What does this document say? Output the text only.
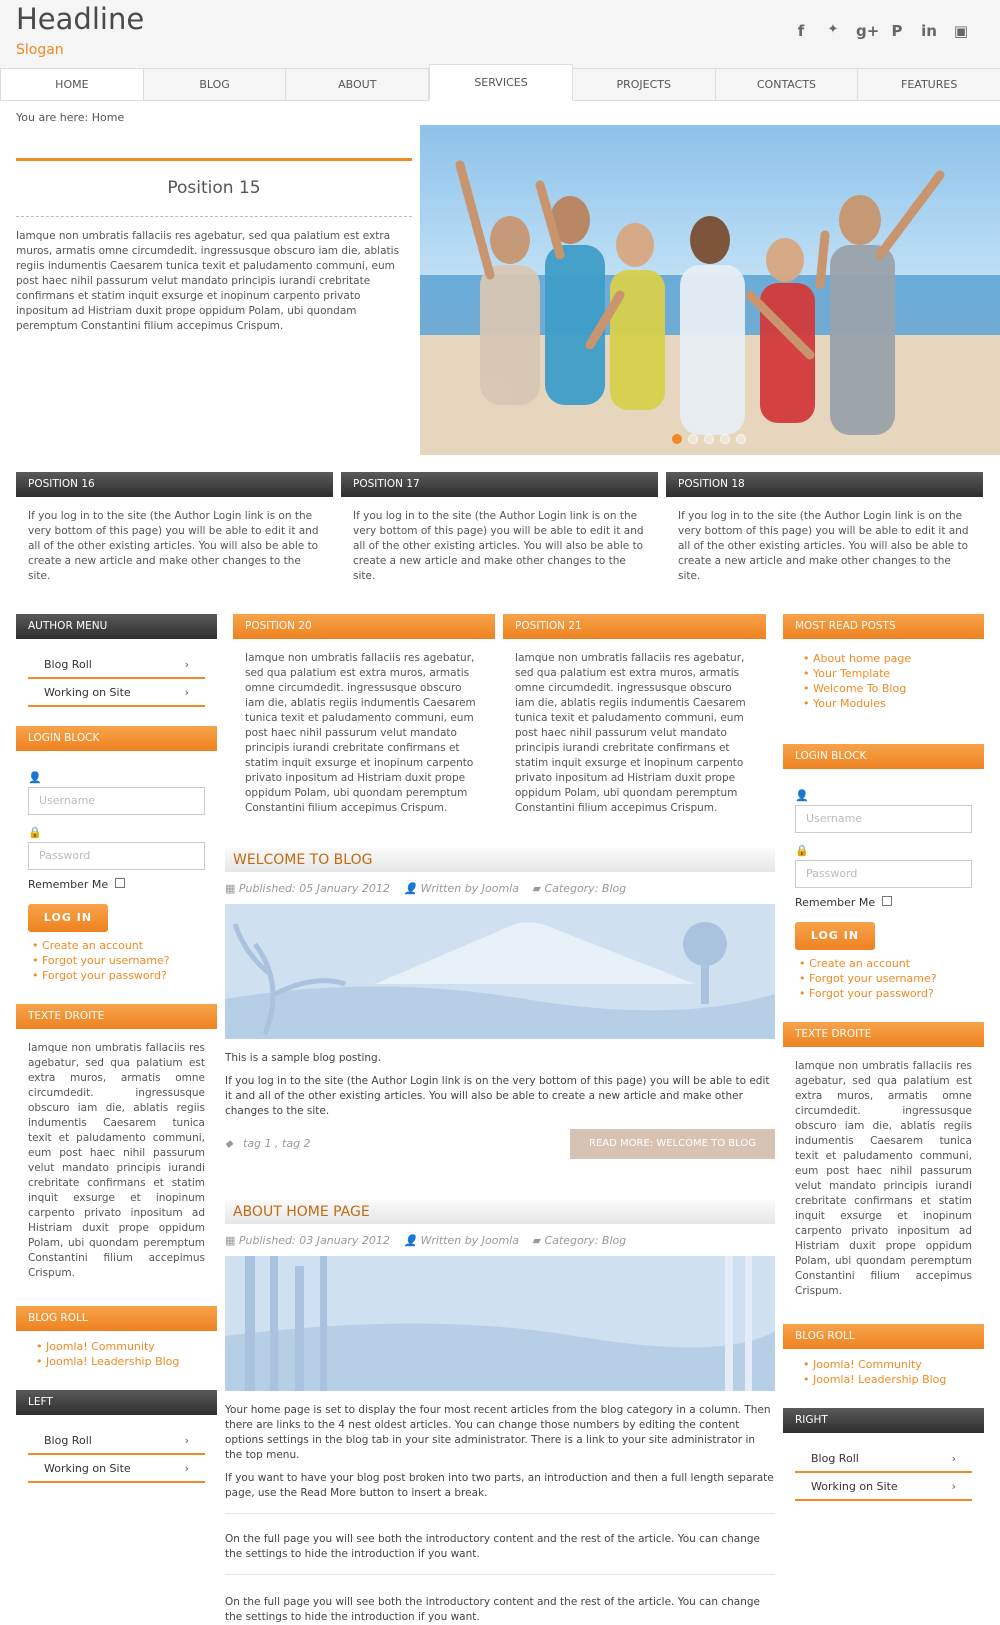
Headline
Slogan
f	✦ g+ P in ▣
HOME	BLOG	ABOUT	SERVICES	PROJECTS	CONTACTS	FEATURES
You are here: Home
Position 15
Iamque non umbratis fallaciis res agebatur, sed qua palatium est extra muros, armatis omne circumdedit. ingressusque obscuro iam die, ablatis regiis indumentis Caesarem tunica texit et paludamento communi, eum post haec nihil passurum velut mandato principis iurandi crebritate confirmans et statim inquit exsurge et inopinum carpento privato inpositum ad Histriam duxit prope oppidum Polam, ubi quondam peremptum Constantini filium accepimus Crispum.
POSITION 16
If you log in to the site (the Author Login link is on the very bottom of this page) you will be able to edit it and all of the other existing articles. You will also be able to create a new article and make other changes to the site.
POSITION 17
If you log in to the site (the Author Login link is on the very bottom of this page) you will be able to edit it and all of the other existing articles. You will also be able to create a new article and make other changes to the site.
POSITION 18
If you log in to the site (the Author Login link is on the very bottom of this page) you will be able to edit it and all of the other existing articles. You will also be able to create a new article and make other changes to the site.
AUTHOR MENU
Blog Roll	›
Working on Site	›
LOGIN BLOCK
👤
Username
🔒
Password
Remember Me
LOG IN
• Create an account
• Forgot your username?
• Forgot your password?
TEXTE DROITE
Iamque non umbratis fallaciis res agebatur, sed qua palatium est extra muros, armatis omne circumdedit. ingressusque obscuro iam die, ablatis regiis indumentis Caesarem tunica texit et paludamento communi, eum post haec nihil passurum velut mandato principis iurandi crebritate confirmans et statim inquit exsurge et inopinum carpento privato inpositum ad Histriam duxit prope oppidum Polam, ubi quondam peremptum Constantini filium accepimus Crispum.
BLOG ROLL
• Joomla! Community
• Joomla! Leadership Blog
LEFT
Blog Roll	›
Working on Site	›
POSITION 20
Iamque non umbratis fallaciis res agebatur, sed qua palatium est extra muros, armatis omne circumdedit. ingressusque obscuro iam die, ablatis regiis indumentis Caesarem tunica texit et paludamento communi, eum post haec nihil passurum velut mandato principis iurandi crebritate confirmans et statim inquit exsurge et inopinum carpento privato inpositum ad Histriam duxit prope oppidum Polam, ubi quondam peremptum Constantini filium accepimus Crispum.
POSITION 21
Iamque non umbratis fallaciis res agebatur, sed qua palatium est extra muros, armatis omne circumdedit. ingressusque obscuro iam die, ablatis regiis indumentis Caesarem tunica texit et paludamento communi, eum post haec nihil passurum velut mandato principis iurandi crebritate confirmans et statim inquit exsurge et inopinum carpento privato inpositum ad Histriam duxit prope oppidum Polam, ubi quondam peremptum Constantini filium accepimus Crispum.
WELCOME TO BLOG
▦ Published: 05 January 2012 👤 Written by Joomla ▰ Category: Blog
This is a sample blog posting.
If you log in to the site (the Author Login link is on the very bottom of this page) you will be able to edit it and all of the other existing articles. You will also be able to create a new article and make other changes to the site.
⬥ tag 1 , tag 2	READ MORE: WELCOME TO BLOG
ABOUT HOME PAGE
▦ Published: 03 January 2012 👤 Written by Joomla ▰ Category: Blog
Your home page is set to display the four most recent articles from the blog category in a column. Then there are links to the 4 nest oldest articles. You can change those numbers by editing the content options settings in the blog tab in your site administrator. There is a link to your site administrator in the top menu.
If you want to have your blog post broken into two parts, an introduction and then a full length separate page, use the Read More button to insert a break.
On the full page you will see both the introductory content and the rest of the article. You can change the settings to hide the introduction if you want.
On the full page you will see both the introductory content and the rest of the article. You can change the settings to hide the introduction if you want.
MOST READ POSTS
• About home page
• Your Template
• Welcome To Blog
• Your Modules
LOGIN BLOCK
👤
Username
🔒
Password
Remember Me
LOG IN
• Create an account
• Forgot your username?
• Forgot your password?
TEXTE DROITE
Iamque non umbratis fallaciis res agebatur, sed qua palatium est extra muros, armatis omne circumdedit. ingressusque obscuro iam die, ablatis regiis indumentis Caesarem tunica texit et paludamento communi, eum post haec nihil passurum velut mandato principis iurandi crebritate confirmans et statim inquit exsurge et inopinum carpento privato inpositum ad Histriam duxit prope oppidum Polam, ubi quondam peremptum Constantini filium accepimus Crispum.
BLOG ROLL
• Joomla! Community
• Joomla! Leadership Blog
RIGHT
Blog Roll	›
Working on Site	›
